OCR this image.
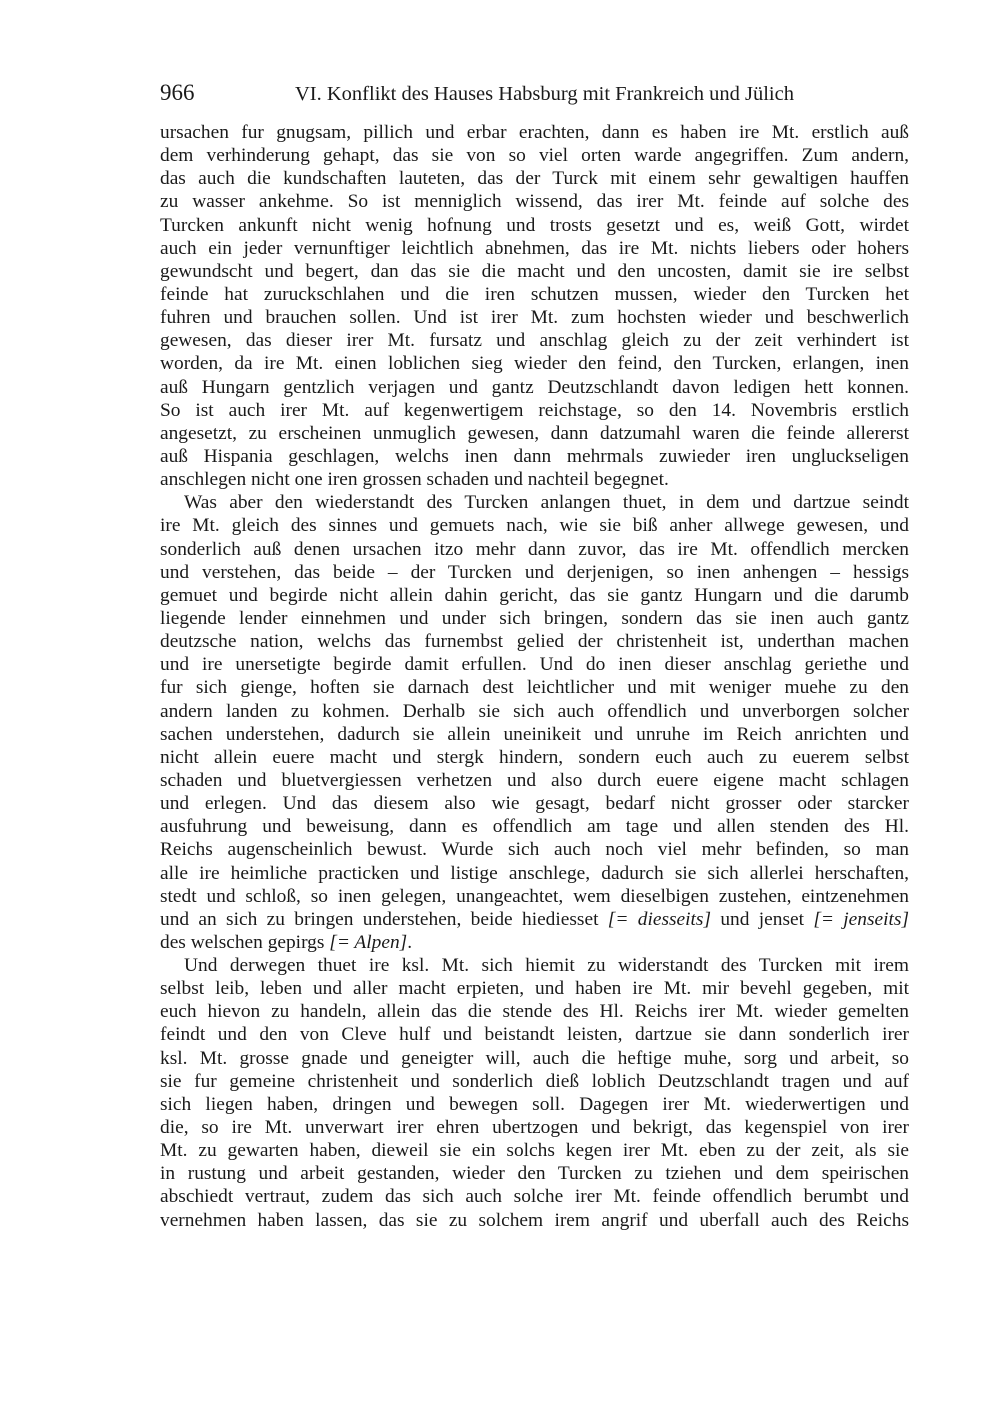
966	VI. Konflikt des Hauses Habsburg mit Frankreich und Jülich
ursachen fur gnugsam, pillich und erbar erachten, dann es haben ire Mt. erstlich auß
dem verhinderung gehapt, das sie von so viel orten warde angegriffen. Zum andern,
das auch die kundschaften lauteten, das der Turck mit einem sehr gewaltigen hauffen
zu wasser ankehme. So ist menniglich wissend, das irer Mt. feinde auf solche des
Turcken ankunft nicht wenig hofnung und trosts gesetzt und es, weiß Gott, wirdet
auch ein jeder vernunftiger leichtlich abnehmen, das ire Mt. nichts liebers oder hohers
gewundscht und begert, dan das sie die macht und den uncosten, damit sie ire selbst
feinde hat zuruckschlahen und die iren schutzen mussen, wieder den Turcken het
fuhren und brauchen sollen. Und ist irer Mt. zum hochsten wieder und beschwerlich
gewesen, das dieser irer Mt. fursatz und anschlag gleich zu der zeit verhindert ist
worden, da ire Mt. einen loblichen sieg wieder den feind, den Turcken, erlangen, inen
auß Hungarn gentzlich verjagen und gantz Deutzschlandt davon ledigen hett konnen.
So ist auch irer Mt. auf kegenwertigem reichstage, so den 14. Novembris erstlich
angesetzt, zu erscheinen unmuglich gewesen, dann datzumahl waren die feinde allererst
auß Hispania geschlagen, welchs inen dann mehrmals zuwieder iren ungluckseligen
anschlegen nicht one iren grossen schaden und nachteil begegnet.
Was aber den wiederstandt des Turcken anlangen thuet, in dem und dartzue seindt
ire Mt. gleich des sinnes und gemuets nach, wie sie biß anher allwege gewesen, und
sonderlich auß denen ursachen itzo mehr dann zuvor, das ire Mt. offendlich mercken
und verstehen, das beide – der Turcken und derjenigen, so inen anhengen – hessigs
gemuet und begirde nicht allein dahin gericht, das sie gantz Hungarn und die darumb
liegende lender einnehmen und under sich bringen, sondern das sie inen auch gantz
deutzsche nation, welchs das furnembst gelied der christenheit ist, underthan machen
und ire unersetigte begirde damit erfullen. Und do inen dieser anschlag geriethe und
fur sich gienge, hoften sie darnach dest leichtlicher und mit weniger muehe zu den
andern landen zu kohmen. Derhalb sie sich auch offendlich und unverborgen solcher
sachen understehen, dadurch sie allein uneinikeit und unruhe im Reich anrichten und
nicht allein euere macht und stergk hindern, sondern euch auch zu euerem selbst
schaden und bluetvergiessen verhetzen und also durch euere eigene macht schlagen
und erlegen. Und das diesem also wie gesagt, bedarf nicht grosser oder starcker
ausfuhrung und beweisung, dann es offendlich am tage und allen stenden des Hl.
Reichs augenscheinlich bewust. Wurde sich auch noch viel mehr befinden, so man
alle ire heimliche practicken und listige anschlege, dadurch sie sich allerlei herschaften,
stedt und schloß, so inen gelegen, unangeachtet, wem dieselbigen zustehen, eintzenehmen
und an sich zu bringen understehen, beide hiediesset [= diesseits] und jenset [= jenseits]
des welschen gepirgs [= Alpen].
Und derwegen thuet ire ksl. Mt. sich hiemit zu widerstandt des Turcken mit irem
selbst leib, leben und aller macht erpieten, und haben ire Mt. mir bevehl gegeben, mit
euch hievon zu handeln, allein das die stende des Hl. Reichs irer Mt. wieder gemelten
feindt und den von Cleve hulf und beistandt leisten, dartzue sie dann sonderlich irer
ksl. Mt. grosse gnade und geneigter will, auch die heftige muhe, sorg und arbeit, so
sie fur gemeine christenheit und sonderlich dieß loblich Deutzschlandt tragen und auf
sich liegen haben, dringen und bewegen soll. Dagegen irer Mt. wiederwertigen und
die, so ire Mt. unverwart irer ehren ubertzogen und bekrigt, das kegenspiel von irer
Mt. zu gewarten haben, dieweil sie ein solchs kegen irer Mt. eben zu der zeit, als sie
in rustung und arbeit gestanden, wieder den Turcken zu tziehen und dem speirischen
abschiedt vertraut, zudem das sich auch solche irer Mt. feinde offendlich berumbt und
vernehmen haben lassen, das sie zu solchem irem angrif und uberfall auch des Reichs
